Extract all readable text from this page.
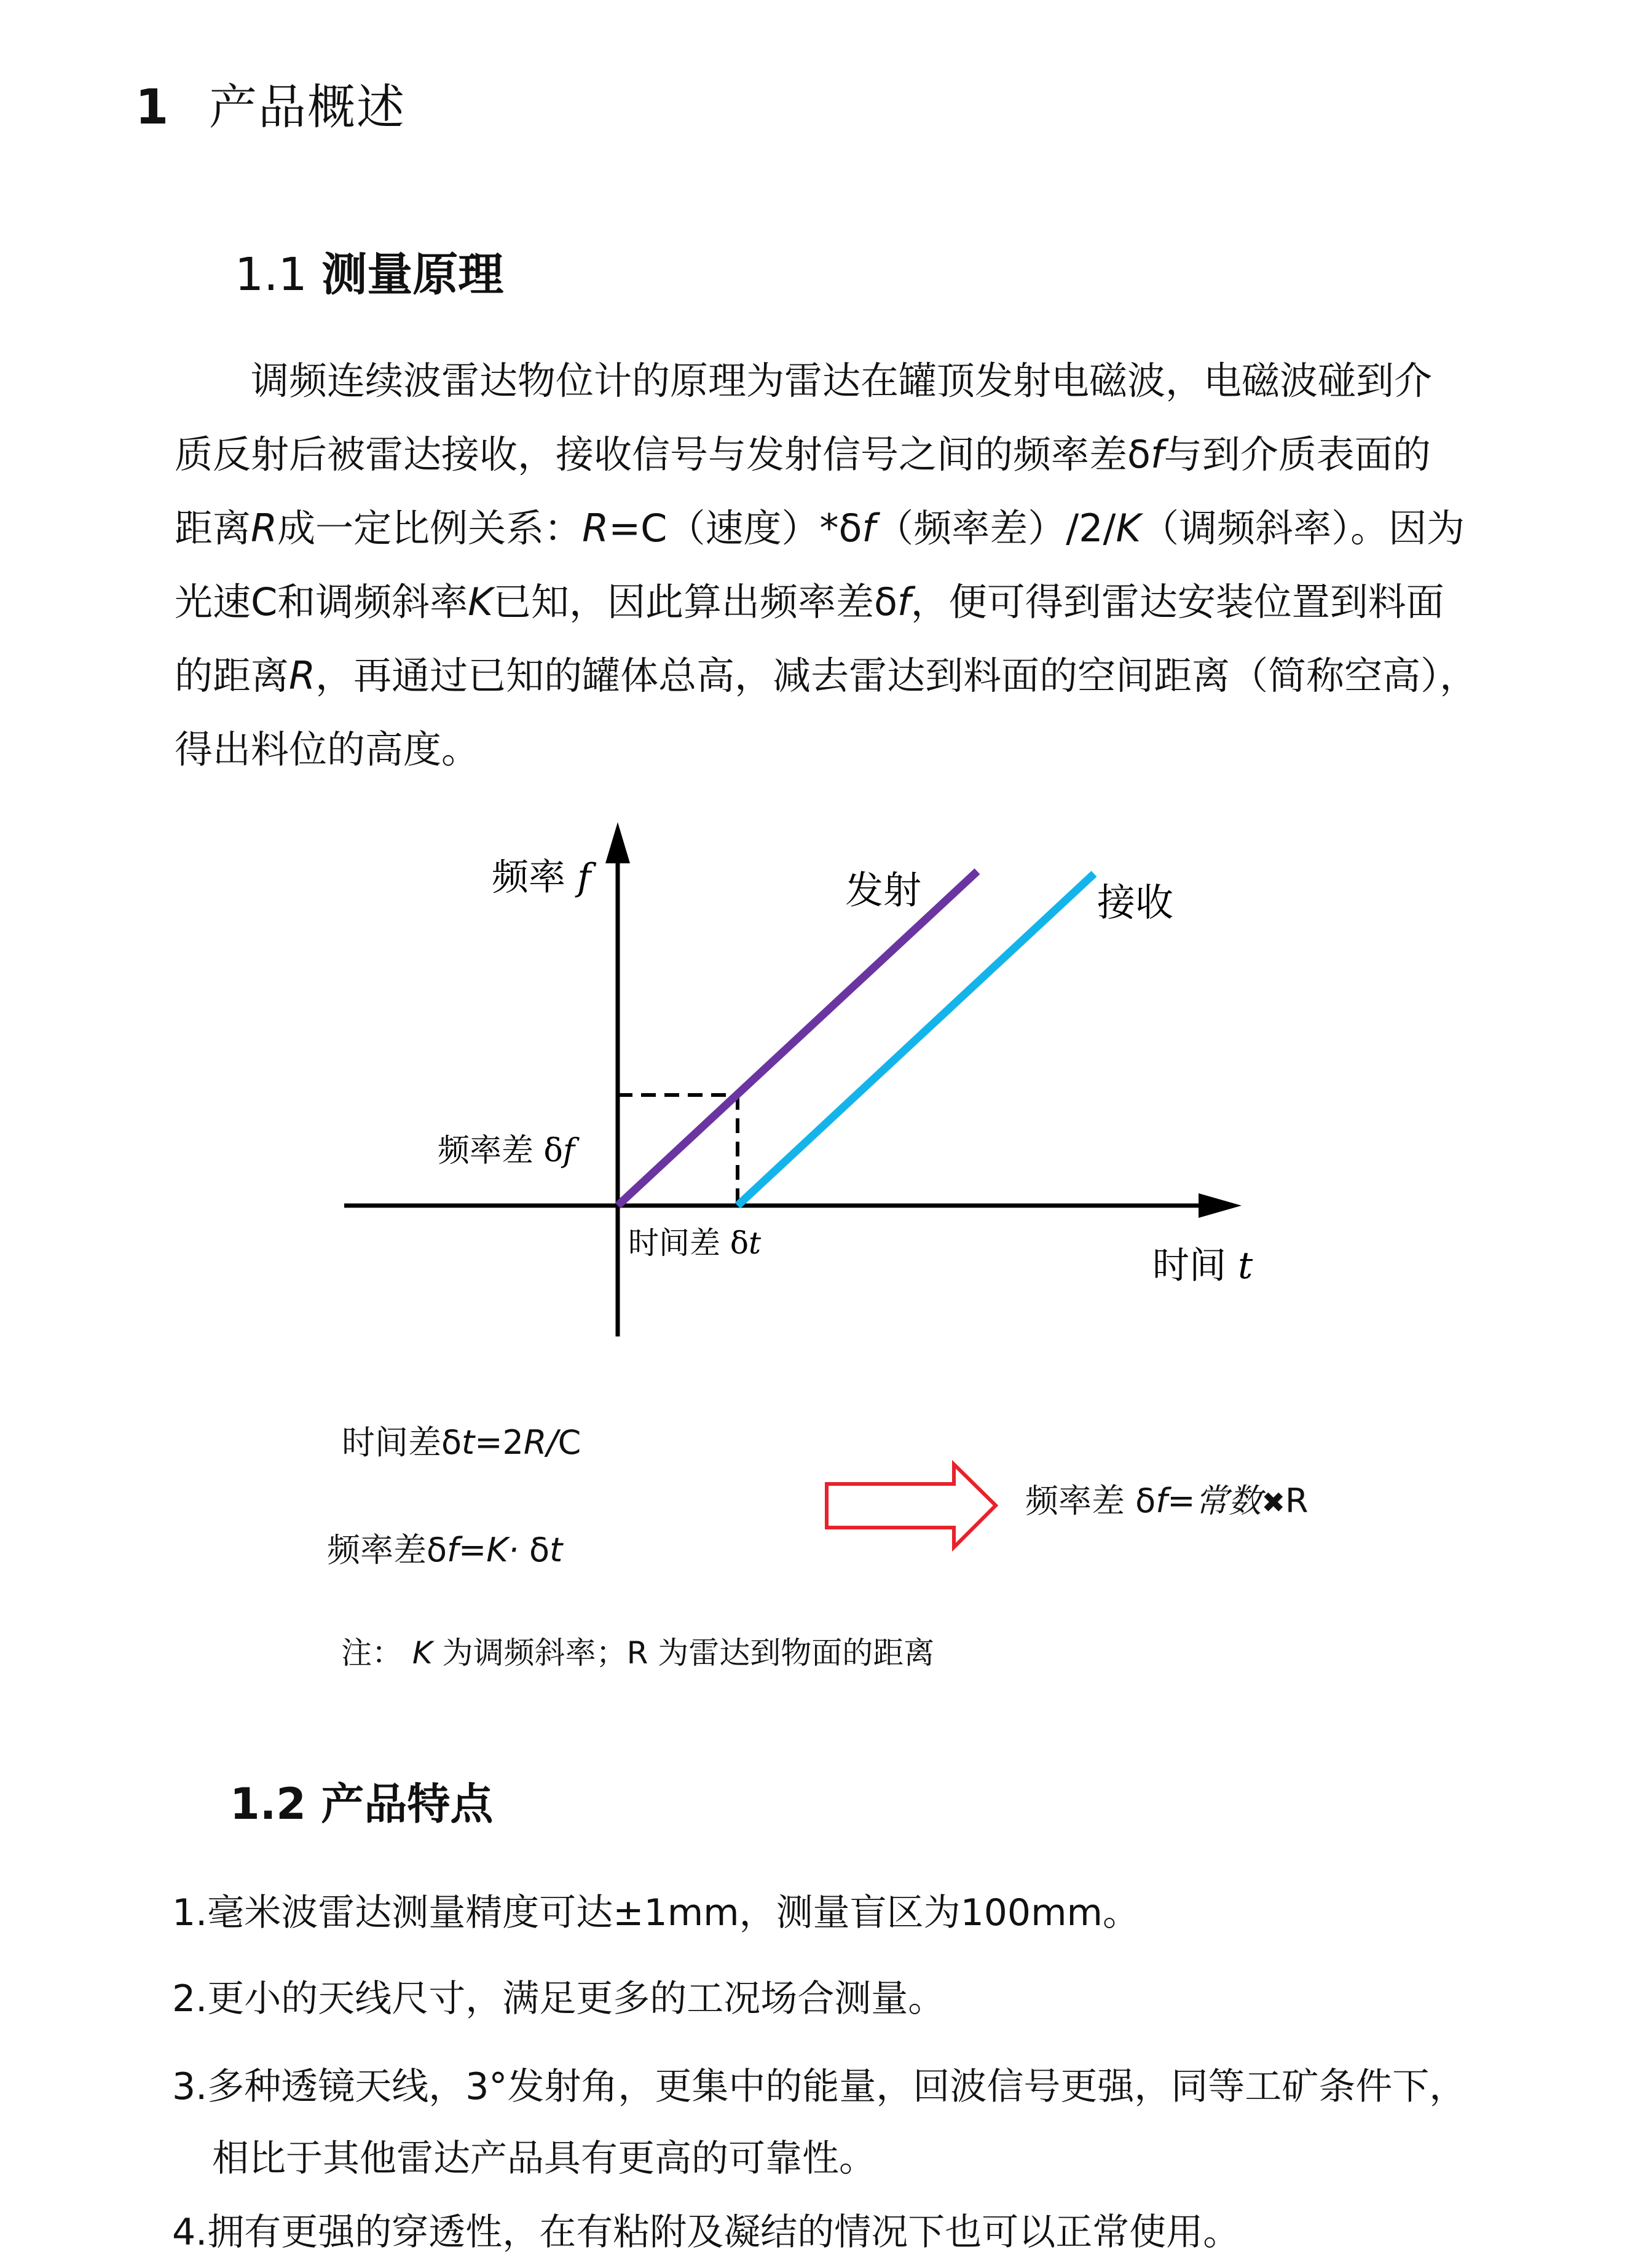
1 产品概述
1.1 测量原理

调频连续波雷达物位计的原理为雷达在罐顶发射电磁波，电磁波碰到介

质反射后被雷达接收，接收信号与发射信号之间的频率差δf与到介质表面的

距离R成一定比例关系：R=C（速度）*δf（频率差）/2/K（调频斜率）。因为

光速C和调频斜率K已知，因此算出频率差δf，便可得到雷达安装位置到料面

的距离R，再通过已知的罐体总高，减去雷达到料面的空间距离（简称空高），

得出料位的高度。

频率 f	发射	接收
频率差 δf
时间差 δt
时间 t
时间差δt=2R/C
频率差δf=K· δt
频率差 δf=常数✖R
注： K 为调频斜率；R 为雷达到物面的距离
1.2 产品特点
1.毫米波雷达测量精度可达±1mm，测量盲区为100mm。
2.更小的天线尺寸，满足更多的工况场合测量。
3.多种透镜天线，3°发射角，更集中的能量，回波信号更强，同等工矿条件下，
相比于其他雷达产品具有更高的可靠性。
4.拥有更强的穿透性，在有粘附及凝结的情况下也可以正常使用。
